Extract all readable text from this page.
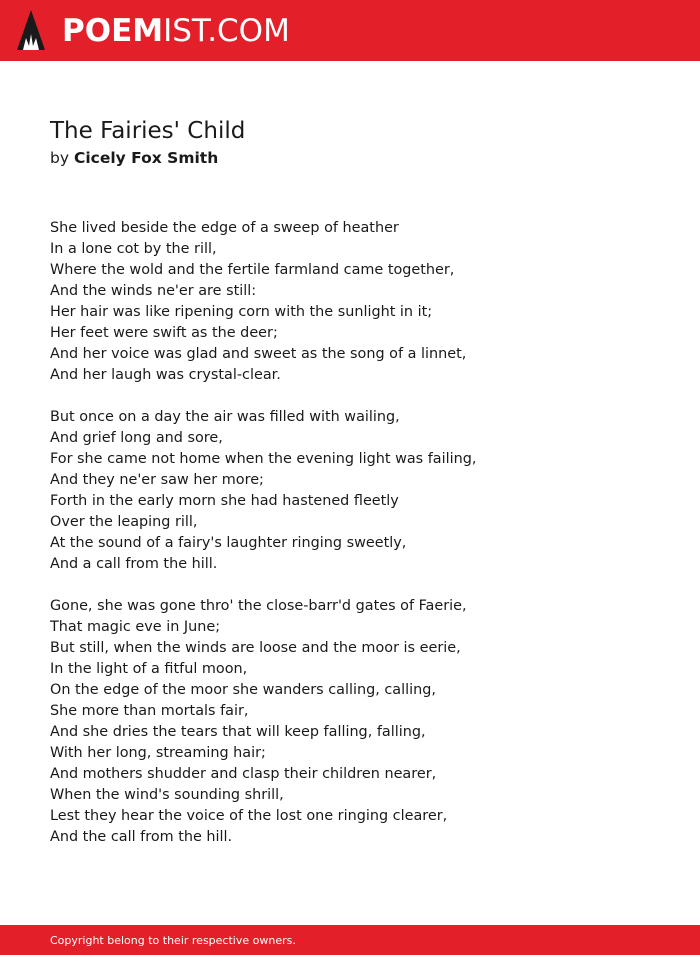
POEMIST.COM
The Fairies' Child
by Cicely Fox Smith
She lived beside the edge of a sweep of heather
In a lone cot by the rill,
Where the wold and the fertile farmland came together,
And the winds ne'er are still:
Her hair was like ripening corn with the sunlight in it;
Her feet were swift as the deer;
And her voice was glad and sweet as the song of a linnet,
And her laugh was crystal-clear.
But once on a day the air was filled with wailing,
And grief long and sore,
For she came not home when the evening light was failing,
And they ne'er saw her more;
Forth in the early morn she had hastened fleetly
Over the leaping rill,
At the sound of a fairy's laughter ringing sweetly,
And a call from the hill.
Gone, she was gone thro' the close-barr'd gates of Faerie,
That magic eve in June;
But still, when the winds are loose and the moor is eerie,
In the light of a fitful moon,
On the edge of the moor she wanders calling, calling,
She more than mortals fair,
And she dries the tears that will keep falling, falling,
With her long, streaming hair;
And mothers shudder and clasp their children nearer,
When the wind's sounding shrill,
Lest they hear the voice of the lost one ringing clearer,
And the call from the hill.
Copyright belong to their respective owners.
